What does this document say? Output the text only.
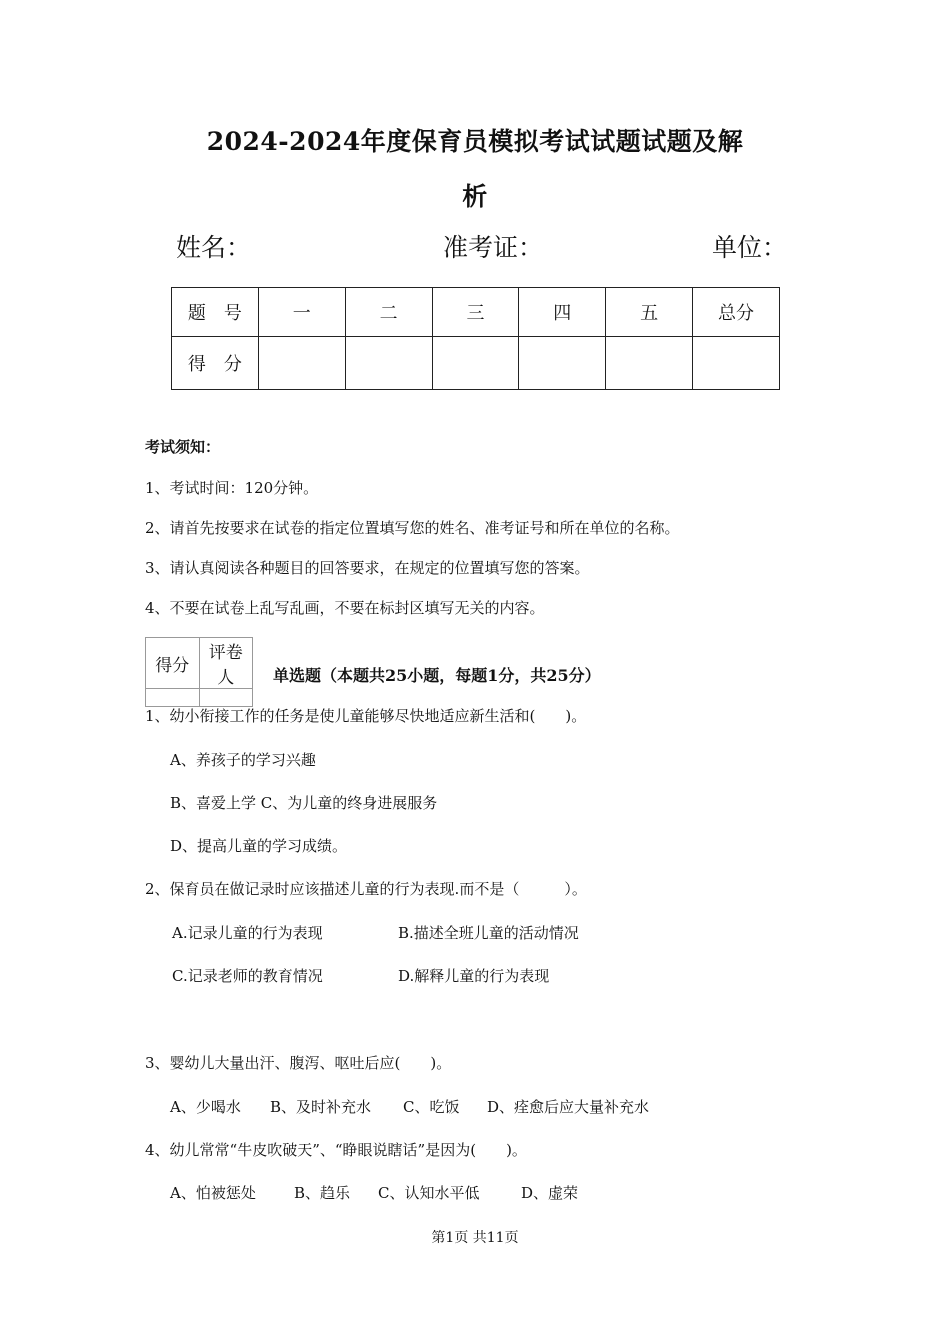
2024-2024年度保育员模拟考试试题试题及解
析
姓名：	准考证：	单位：
题　号	一	二	三	四	五	总分
得　分						
考试须知：
1、考试时间：120分钟。
2、请首先按要求在试卷的指定位置填写您的姓名、准考证号和所在单位的名称。
3、请认真阅读各种题目的回答要求，在规定的位置填写您的答案。
4、不要在试卷上乱写乱画，不要在标封区填写无关的内容。
得分	评卷人
	单选题（本题共25小题，每题1分，共25分）
1、幼小衔接工作的任务是使儿童能够尽快地适应新生活和(　　)。
A、养孩子的学习兴趣
B、喜爱上学 C、为儿童的终身进展服务
D、提高儿童的学习成绩。
2、保育员在做记录时应该描述儿童的行为表现.而不是（　　　）。
A.记录儿童的行为表现	B.描述全班儿童的活动情况
C.记录老师的教育情况	D.解释儿童的行为表现
3、婴幼儿大量出汗、腹泻、呕吐后应(　　)。
A、少喝水 B、及时补充水 C、吃饭 D、痊愈后应大量补充水
4、幼儿常常“牛皮吹破天”、“睁眼说瞎话”是因为(　　)。
A、怕被惩处	B、趋乐 C、认知水平低	D、虚荣
第1页 共11页
